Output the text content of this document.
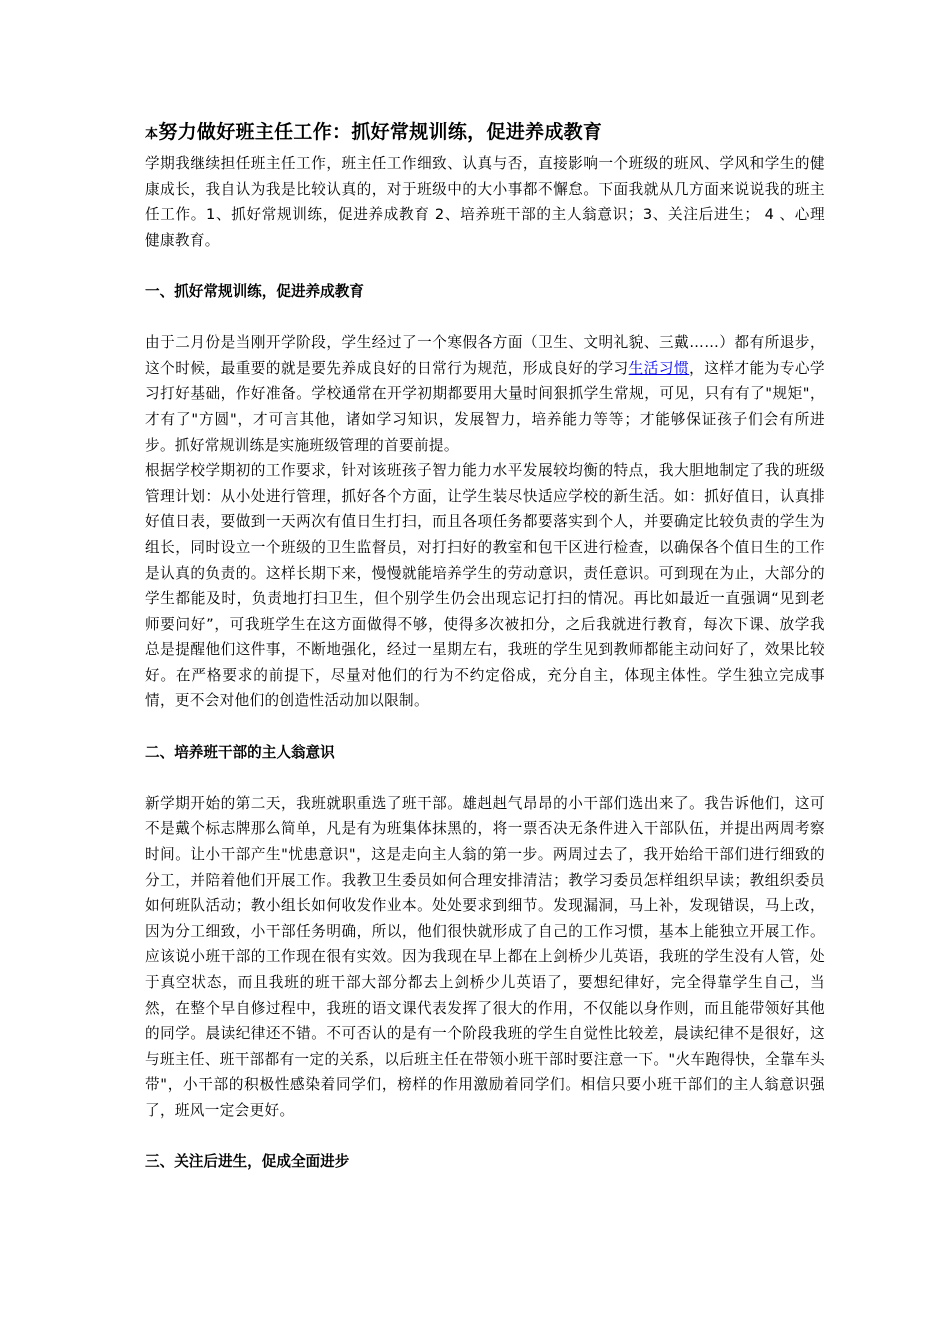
本努力做好班主任工作：抓好常规训练，促进养成教育

学期我继续担任班主任工作，班主任工作细致、认真与否，直接影响一个班级的班风、学风和学生的健康成长，我自认为我是比较认真的，对于班级中的大小事都不懈怠。下面我就从几方面来说说我的班主任工作。1、抓好常规训练，促进养成教育 2、培养班干部的主人翁意识；3、关注后进生； 4 、心理健康教育。

一、抓好常规训练，促进养成教育

由于二月份是当刚开学阶段，学生经过了一个寒假各方面（卫生、文明礼貌、三戴……）都有所退步，这个时候，最重要的就是要先养成良好的日常行为规范，形成良好的学习生活习惯，这样才能为专心学习打好基础，作好准备。学校通常在开学初期都要用大量时间狠抓学生常规，可见，只有有了"规矩"，才有了"方圆"，才可言其他，诸如学习知识，发展智力，培养能力等等；才能够保证孩子们会有所进步。抓好常规训练是实施班级管理的首要前提。

根据学校学期初的工作要求，针对该班孩子智力能力水平发展较均衡的特点，我大胆地制定了我的班级管理计划：从小处进行管理，抓好各个方面，让学生装尽快适应学校的新生活。如：抓好值日，认真排好值日表，要做到一天两次有值日生打扫，而且各项任务都要落实到个人，并要确定比较负责的学生为组长，同时设立一个班级的卫生监督员，对打扫好的教室和包干区进行检查，以确保各个值日生的工作是认真的负责的。这样长期下来，慢慢就能培养学生的劳动意识，责任意识。可到现在为止，大部分的学生都能及时，负责地打扫卫生，但个别学生仍会出现忘记打扫的情况。再比如最近一直强调“见到老师要问好”，可我班学生在这方面做得不够，使得多次被扣分，之后我就进行教育，每次下课、放学我总是提醒他们这件事，不断地强化，经过一星期左右，我班的学生见到教师都能主动问好了，效果比较好。在严格要求的前提下，尽量对他们的行为不约定俗成，充分自主，体现主体性。学生独立完成事情，更不会对他们的创造性活动加以限制。

二、培养班干部的主人翁意识

新学期开始的第二天，我班就职重选了班干部。雄赳赳气昂昂的小干部们选出来了。我告诉他们，这可不是戴个标志牌那么简单，凡是有为班集体抹黑的，将一票否决无条件进入干部队伍，并提出两周考察时间。让小干部产生"忧患意识"，这是走向主人翁的第一步。两周过去了，我开始给干部们进行细致的分工，并陪着他们开展工作。我教卫生委员如何合理安排清洁；教学习委员怎样组织早读；教组织委员如何班队活动；教小组长如何收发作业本。处处要求到细节。发现漏洞，马上补，发现错误，马上改，因为分工细致，小干部任务明确，所以，他们很快就形成了自己的工作习惯，基本上能独立开展工作。应该说小班干部的工作现在很有实效。因为我现在早上都在上剑桥少儿英语，我班的学生没有人管，处于真空状态，而且我班的班干部大部分都去上剑桥少儿英语了，要想纪律好，完全得靠学生自己，当然，在整个早自修过程中，我班的语文课代表发挥了很大的作用，不仅能以身作则，而且能带领好其他的同学。晨读纪律还不错。不可否认的是有一个阶段我班的学生自觉性比较差，晨读纪律不是很好，这与班主任、班干部都有一定的关系，以后班主任在带领小班干部时要注意一下。"火车跑得快，全靠车头带"，小干部的积极性感染着同学们，榜样的作用激励着同学们。相信只要小班干部们的主人翁意识强了，班风一定会更好。

三、关注后进生，促成全面进步
